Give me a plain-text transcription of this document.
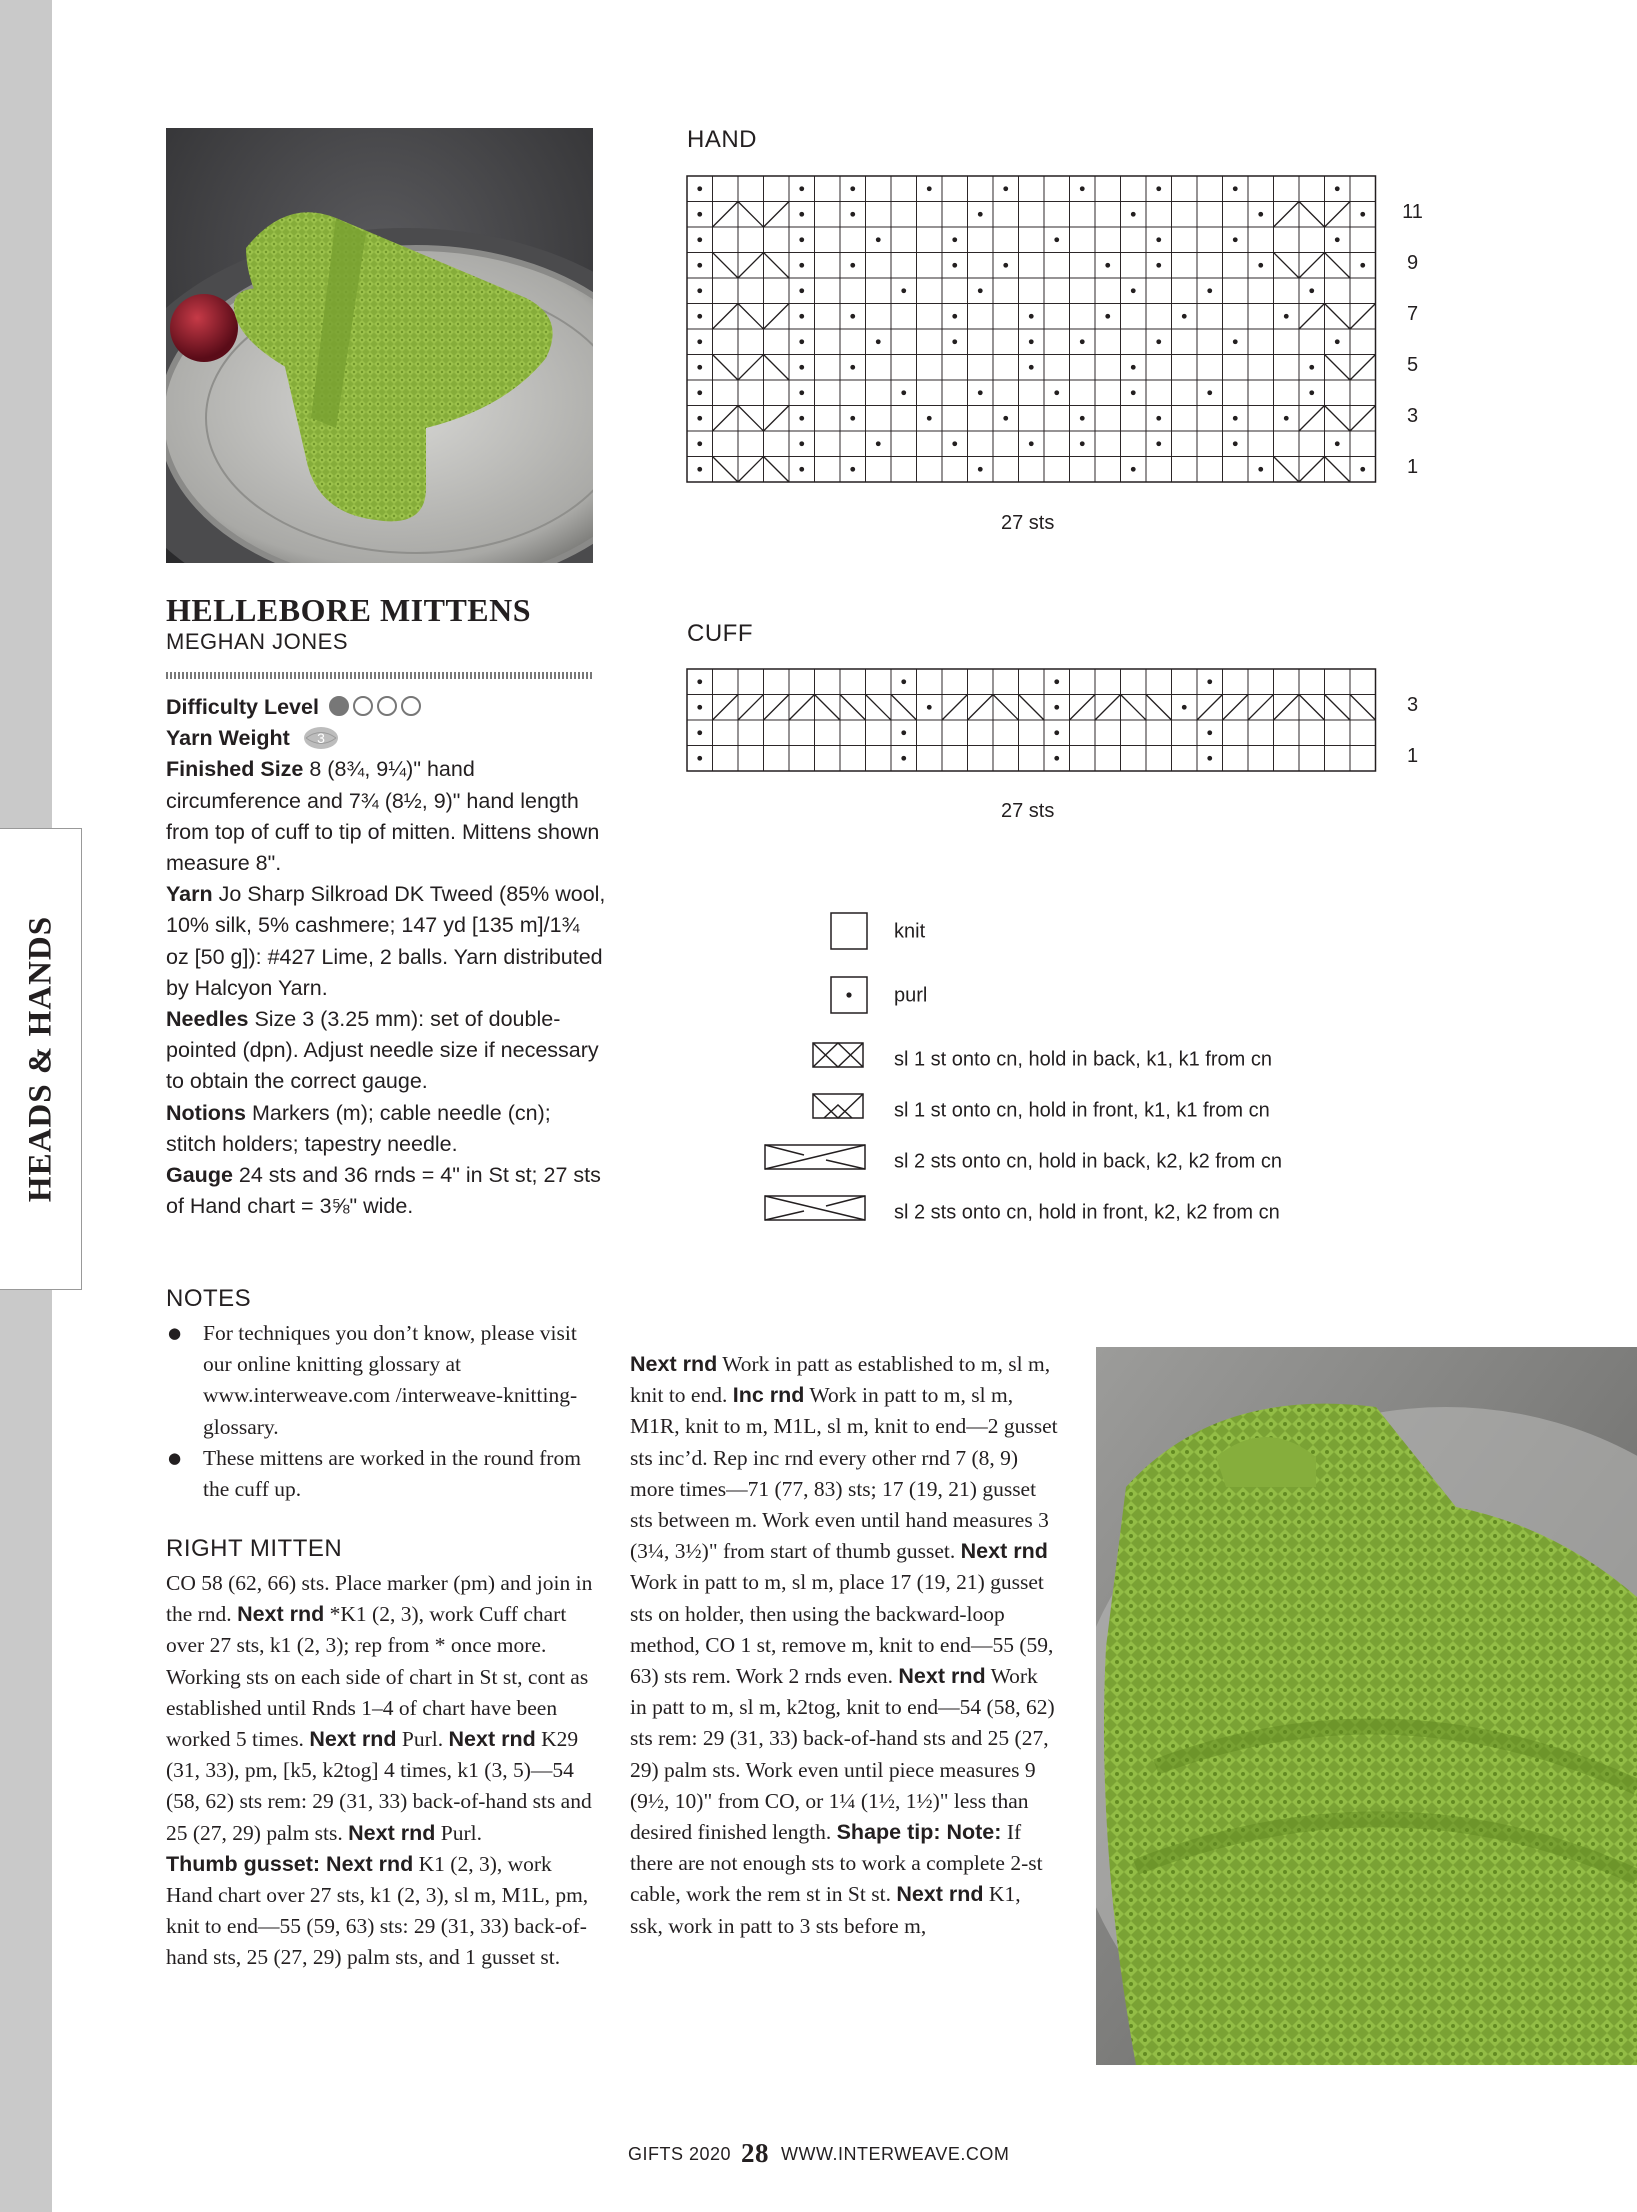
HEADS & HANDS
HELLEBORE MITTENS
MEGHAN JONES
Difficulty Level
Yarn Weight 3
Finished Size 8 (8¾, 9¼)" hand circumference and 7¾ (8½, 9)" hand length from top of cuff to tip of mitten. Mittens shown measure 8".
Yarn Jo Sharp Silkroad DK Tweed (85% wool, 10% silk, 5% cashmere; 147 yd [135 m]/1¾ oz [50 g]): #427 Lime, 2 balls. Yarn distributed by Halcyon Yarn.
Needles Size 3 (3.25 mm): set of double-pointed (dpn). Adjust needle size if necessary to obtain the correct gauge.
Notions Markers (m); cable needle (cn); stitch holders; tapestry needle.
Gauge 24 sts and 36 rnds = 4" in St st; 27 sts of Hand chart = 3⅝" wide.
NOTES
● For techniques you don’t know, please visit our online knitting glossary at www.interweave.com /interweave-knitting-glossary.
● These mittens are worked in the round from the cuff up.
RIGHT MITTEN
CO 58 (62, 66) sts. Place marker (pm) and join in the rnd. Next rnd *K1 (2, 3), work Cuff chart over 27 sts, k1 (2, 3); rep from * once more. Working sts on each side of chart in St st, cont as established until Rnds 1–4 of chart have been worked 5 times. Next rnd Purl. Next rnd K29 (31, 33), pm, [k5, k2tog] 4 times, k1 (3, 5)—54 (58, 62) sts rem: 29 (31, 33) back-of-hand sts and 25 (27, 29) palm sts. Next rnd Purl.
Thumb gusset: Next rnd K1 (2, 3), work Hand chart over 27 sts, k1 (2, 3), sl m, M1L, pm, knit to end—55 (59, 63) sts: 29 (31, 33) back-of-hand sts, 25 (27, 29) palm sts, and 1 gusset st.
Next rnd Work in patt as established to m, sl m, knit to end. Inc rnd Work in patt to m, sl m, M1R, knit to m, M1L, sl m, knit to end—2 gusset sts inc’d. Rep inc rnd every other rnd 7 (8, 9) more times—71 (77, 83) sts; 17 (19, 21) gusset sts between m. Work even until hand measures 3 (3¼, 3½)" from start of thumb gusset. Next rnd Work in patt to m, sl m, place 17 (19, 21) gusset sts on holder, then using the backward-loop method, CO 1 st, remove m, knit to end—55 (59, 63) sts rem. Work 2 rnds even. Next rnd Work in patt to m, sl m, k2tog, knit to end—54 (58, 62) sts rem: 29 (31, 33) back-of-hand sts and 25 (27, 29) palm sts. Work even until piece measures 9 (9½, 10)" from CO, or 1¼ (1½, 1½)" less than desired finished length. Shape tip: Note: If there are not enough sts to work a complete 2-st cable, work the rem st in St st. Next rnd K1, ssk, work in patt to 3 sts before m,
HAND
11
9
7
5
3
1
27 sts
CUFF
3
1
27 sts
knit
purl
sl 1 st onto cn, hold in back, k1, k1 from cn
sl 1 st onto cn, hold in front, k1, k1 from cn
sl 2 sts onto cn, hold in back, k2, k2 from cn
sl 2 sts onto cn, hold in front, k2, k2 from cn
GIFTS 2020 28 WWW.INTERWEAVE.COM
